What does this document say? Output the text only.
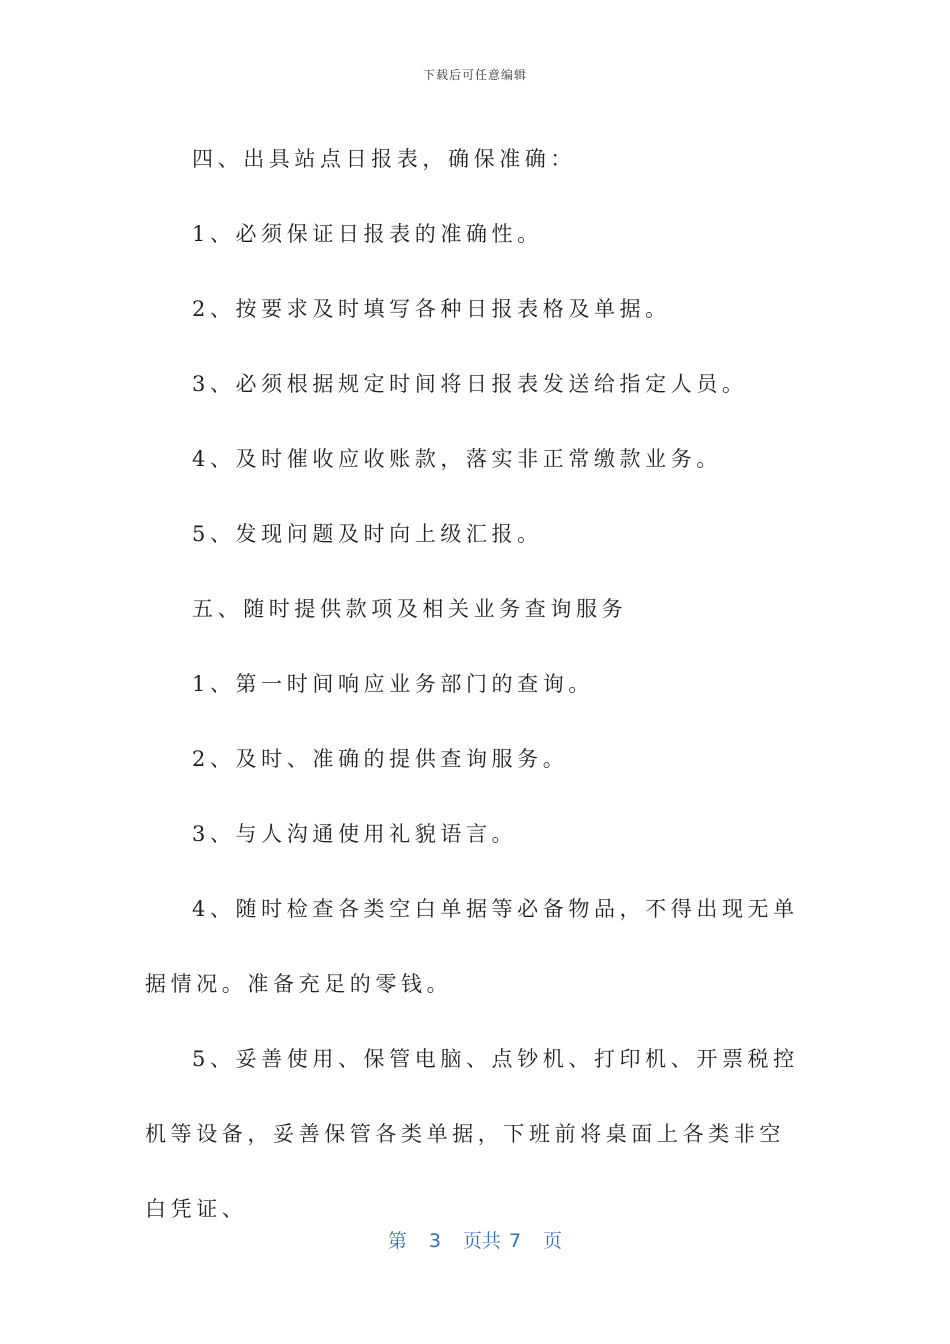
下载后可任意编辑

四、出具站点日报表，确保准确：

1、必须保证日报表的准确性。

2、按要求及时填写各种日报表格及单据。

3、必须根据规定时间将日报表发送给指定人员。

4、及时催收应收账款，落实非正常缴款业务。

5、发现问题及时向上级汇报。

五、随时提供款项及相关业务查询服务

1、第一时间响应业务部门的查询。

2、及时、准确的提供查询服务。

3、与人沟通使用礼貌语言。

4、随时检查各类空白单据等必备物品，不得出现无单据情况。准备充足的零钱。

5、妥善使用、保管电脑、点钞机、打印机、开票税控机等设备，妥善保管各类单据，下班前将桌面上各类非空白凭证、

第 3 页共 7 页
